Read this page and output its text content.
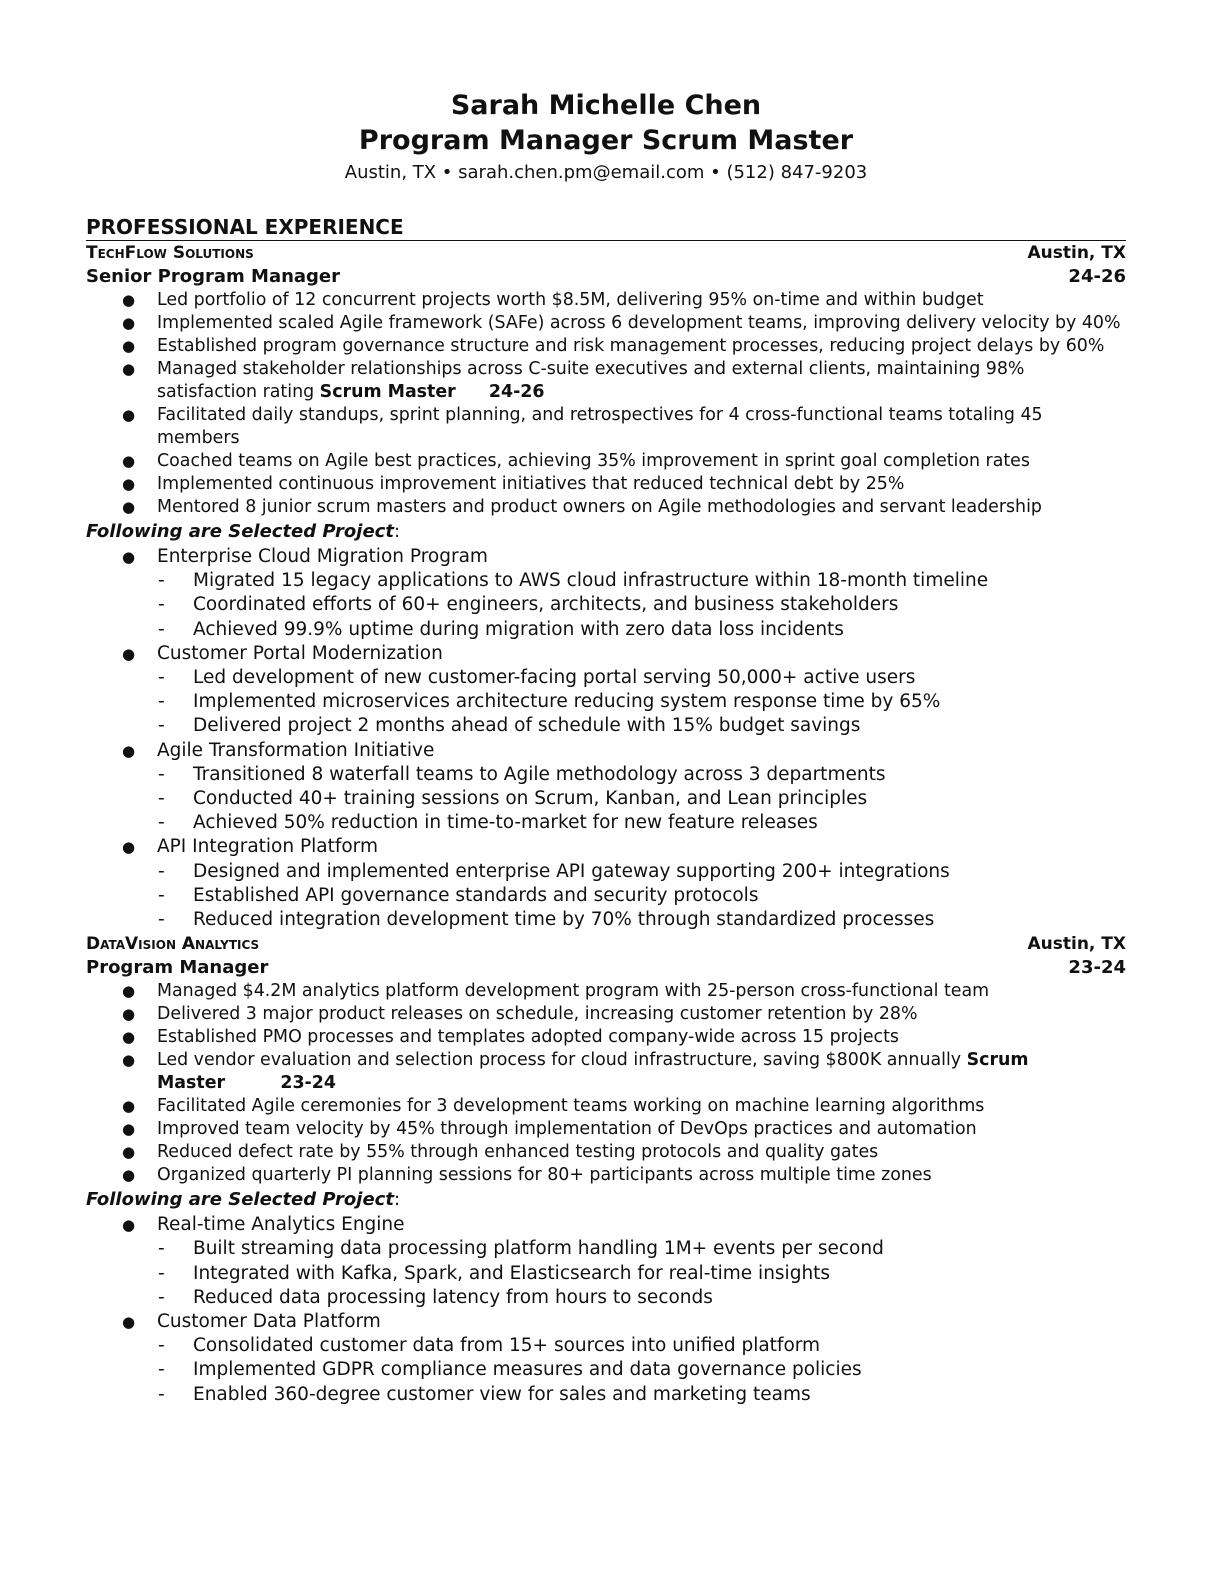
Sarah Michelle Chen
Program Manager Scrum Master
Austin, TX • sarah.chen.pm@email.com • (512) 847-9203
PROFESSIONAL EXPERIENCE
TechFlow Solutions	Austin, TX
Senior Program Manager	24-26
● Led portfolio of 12 concurrent projects worth $8.5M, delivering 95% on-time and within budget
● Implemented scaled Agile framework (SAFe) across 6 development teams, improving delivery velocity by 40%
● Established program governance structure and risk management processes, reducing project delays by 60%
● Managed stakeholder relationships across C-suite executives and external clients, maintaining 98% satisfaction rating Scrum Master 24-26
● Facilitated daily standups, sprint planning, and retrospectives for 4 cross-functional teams totaling 45 members
● Coached teams on Agile best practices, achieving 35% improvement in sprint goal completion rates
● Implemented continuous improvement initiatives that reduced technical debt by 25%
● Mentored 8 junior scrum masters and product owners on Agile methodologies and servant leadership
Following are Selected Project:
● Enterprise Cloud Migration Program
- Migrated 15 legacy applications to AWS cloud infrastructure within 18-month timeline
- Coordinated efforts of 60+ engineers, architects, and business stakeholders
- Achieved 99.9% uptime during migration with zero data loss incidents
● Customer Portal Modernization
- Led development of new customer-facing portal serving 50,000+ active users
- Implemented microservices architecture reducing system response time by 65%
- Delivered project 2 months ahead of schedule with 15% budget savings
● Agile Transformation Initiative
- Transitioned 8 waterfall teams to Agile methodology across 3 departments
- Conducted 40+ training sessions on Scrum, Kanban, and Lean principles
- Achieved 50% reduction in time-to-market for new feature releases
● API Integration Platform
- Designed and implemented enterprise API gateway supporting 200+ integrations
- Established API governance standards and security protocols
- Reduced integration development time by 70% through standardized processes
DataVision Analytics	Austin, TX
Program Manager	23-24
● Managed $4.2M analytics platform development program with 25-person cross-functional team
● Delivered 3 major product releases on schedule, increasing customer retention by 28%
● Established PMO processes and templates adopted company-wide across 15 projects
● Led vendor evaluation and selection process for cloud infrastructure, saving $800K annually Scrum Master	23-24
● Facilitated Agile ceremonies for 3 development teams working on machine learning algorithms
● Improved team velocity by 45% through implementation of DevOps practices and automation
● Reduced defect rate by 55% through enhanced testing protocols and quality gates
● Organized quarterly PI planning sessions for 80+ participants across multiple time zones
Following are Selected Project:
● Real-time Analytics Engine
- Built streaming data processing platform handling 1M+ events per second
- Integrated with Kafka, Spark, and Elasticsearch for real-time insights
- Reduced data processing latency from hours to seconds
● Customer Data Platform
- Consolidated customer data from 15+ sources into unified platform
- Implemented GDPR compliance measures and data governance policies
- Enabled 360-degree customer view for sales and marketing teams
